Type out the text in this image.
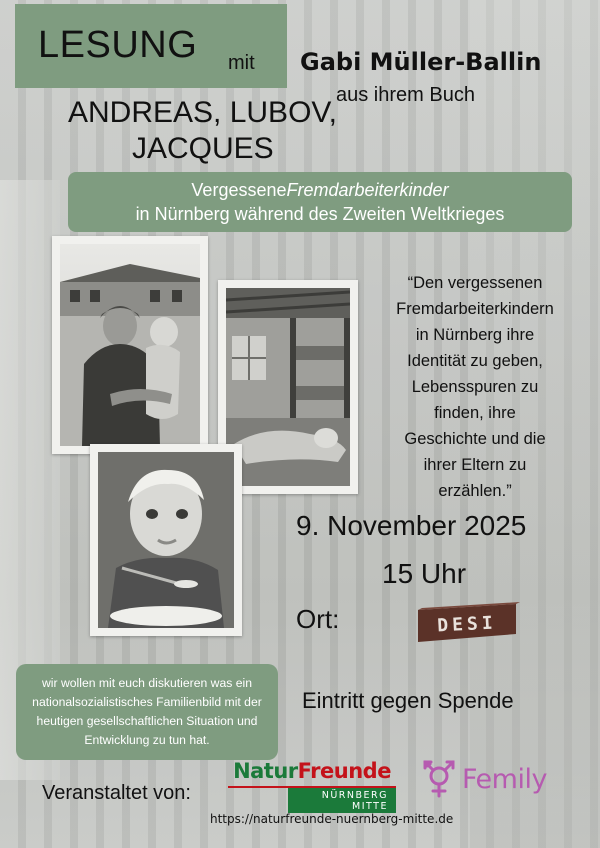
LESUNG mit Gabi Müller-Ballin
aus ihrem Buch
ANDREAS, LUBOV,
JACQUES
VergesseneFremdarbeiterkinder
in Nürnberg während des Zweiten Weltkrieges
“Den vergessenen
Fremdarbeiterkindern
in Nürnberg ihre
Identität zu geben,
Lebensspuren zu
finden, ihre
Geschichte und die
ihrer Eltern zu
erzählen.”
9. November 2025
15 Uhr
Ort:	DESI
Eintritt gegen Spende
wir wollen mit euch diskutieren was ein nationalsozialistisches Familienbild mit der heutigen gesellschaftlichen Situation und Entwicklung zu tun hat.
Veranstaltet von:
Natur Freunde
NÜRNBERG MITTE
Femily
https://naturfreunde-nuernberg-mitte.de
